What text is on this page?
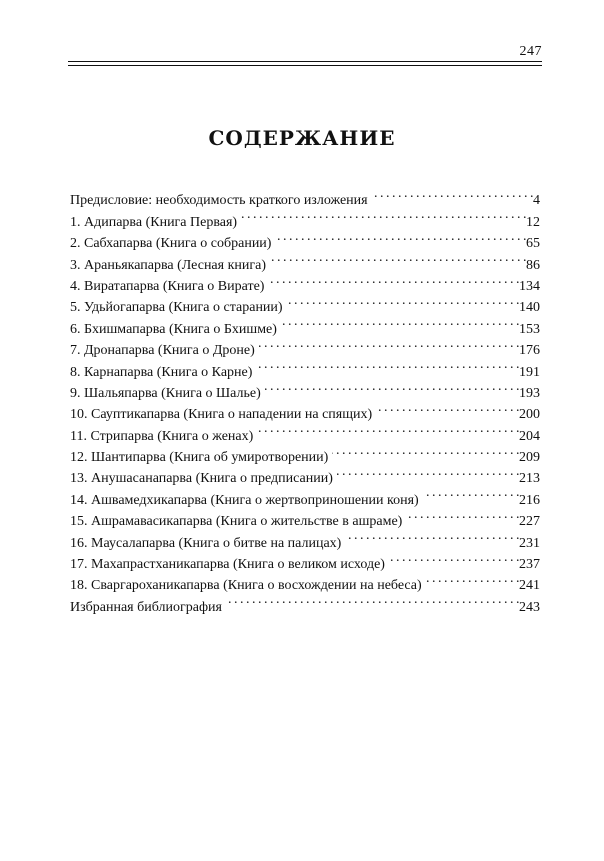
247
СОДЕРЖАНИЕ
Предисловие: необходимость краткого изложения . . .	4
1. Адипарва (Книга Первая) . . .	12
2. Сабхапарва (Книга о собрании) . . .	65
3. Араньякапарва (Лесная книга) . . .	86
4. Виратапарва (Книга о Вирате) . . .	134
5. Удьйогапарва (Книга о старании) . . .	140
6. Бхишмапарва (Книга о Бхишме) . . .	153
7. Дронапарва (Книга о Дроне) . . .	176
8. Карнапарва (Книга о Карне) . . .	191
9. Шальяпарва (Книга о Шалье) . . .	193
10. Сауптикапарва (Книга о нападении на спящих) . . .	200
11. Стрипарва (Книга о женах) . . .	204
12. Шантипарва (Книга об умиротворении) . . .	209
13. Анушасанапарва (Книга о предписании) . . .	213
14. Ашвамедхикапарва (Книга о жертвоприношении коня) . . .	216
15. Ашрамавасикапарва (Книга о жительстве в ашраме) . . .	227
16. Маусалапарва (Книга о битве на палицах) . . .	231
17. Махапрастханикапарва (Книга о великом исходе) . . .	237
18. Сваргароханикапарва (Книга о восхождении на небеса) . . .	241
Избранная библиография . . .	243
